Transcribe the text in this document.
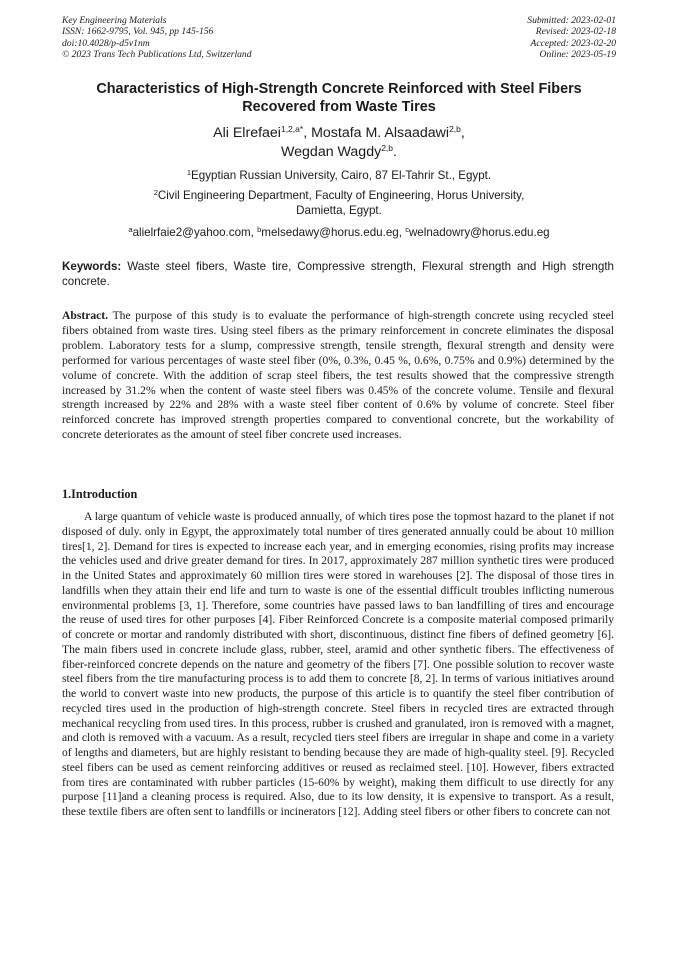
Key Engineering Materials
ISSN: 1662-9795, Vol. 945, pp 145-156
doi:10.4028/p-d5v1nm
© 2023 Trans Tech Publications Ltd, Switzerland
Submitted: 2023-02-01
Revised: 2023-02-18
Accepted: 2023-02-20
Online: 2023-05-19
Characteristics of High-Strength Concrete Reinforced with Steel Fibers
Recovered from Waste Tires
Ali Elrefaei$^{1,2,a*}$, Mostafa M. Alsaadawi$^{2,b}$,
Wegdan Wagdy$^{2,b}$.
$^1$Egyptian Russian University, Cairo, 87 El-Tahrir St., Egypt.
$^2$Civil Engineering Department, Faculty of Engineering, Horus University,
Damietta, Egypt.
$^a$alielrfaie2@yahoo.com, $^b$melsedawy@horus.edu.eg, $^c$welnadowry@horus.edu.eg
Keywords: Waste steel fibers, Waste tire, Compressive strength, Flexural strength and High strength concrete.
Abstract. The purpose of this study is to evaluate the performance of high-strength concrete using recycled steel fibers obtained from waste tires. Using steel fibers as the primary reinforcement in concrete eliminates the disposal problem. Laboratory tests for a slump, compressive strength, tensile strength, flexural strength and density were performed for various percentages of waste steel fiber (0%, 0.3%, 0.45 %, 0.6%, 0.75% and 0.9%) determined by the volume of concrete. With the addition of scrap steel fibers, the test results showed that the compressive strength increased by 31.2% when the content of waste steel fibers was 0.45% of the concrete volume. Tensile and flexural strength increased by 22% and 28% with a waste steel fiber content of 0.6% by volume of concrete. Steel fiber reinforced concrete has improved strength properties compared to conventional concrete, but the workability of concrete deteriorates as the amount of steel fiber concrete used increases.
1.Introduction
A large quantum of vehicle waste is produced annually, of which tires pose the topmost hazard to the planet if not disposed of duly. only in Egypt, the approximately total number of tires generated annually could be about 10 million tires[1, 2]. Demand for tires is expected to increase each year, and in emerging economies, rising profits may increase the vehicles used and drive greater demand for tires. In 2017, approximately 287 million synthetic tires were produced in the United States and approximately 60 million tires were stored in warehouses [2]. The disposal of those tires in landfills when they attain their end life and turn to waste is one of the essential difficult troubles inflicting numerous environmental problems [3, 1]. Therefore, some countries have passed laws to ban landfilling of tires and encourage the reuse of used tires for other purposes [4]. Fiber Reinforced Concrete is a composite material composed primarily of concrete or mortar and randomly distributed with short, discontinuous, distinct fine fibers of defined geometry [6]. The main fibers used in concrete include glass, rubber, steel, aramid and other synthetic fibers. The effectiveness of fiber-reinforced concrete depends on the nature and geometry of the fibers [7]. One possible solution to recover waste steel fibers from the tire manufacturing process is to add them to concrete [8, 2]. In terms of various initiatives around the world to convert waste into new products, the purpose of this article is to quantify the steel fiber contribution of recycled tires used in the production of high-strength concrete. Steel fibers in recycled tires are extracted through mechanical recycling from used tires. In this process, rubber is crushed and granulated, iron is removed with a magnet, and cloth is removed with a vacuum. As a result, recycled tiers steel fibers are irregular in shape and come in a variety of lengths and diameters, but are highly resistant to bending because they are made of high-quality steel. [9]. Recycled steel fibers can be used as cement reinforcing additives or reused as reclaimed steel. [10]. However, fibers extracted from tires are contaminated with rubber particles (15-60% by weight), making them difficult to use directly for any purpose [11]and a cleaning process is required. Also, due to its low density, it is expensive to transport. As a result, these textile fibers are often sent to landfills or incinerators [12]. Adding steel fibers or other fibers to concrete can not
